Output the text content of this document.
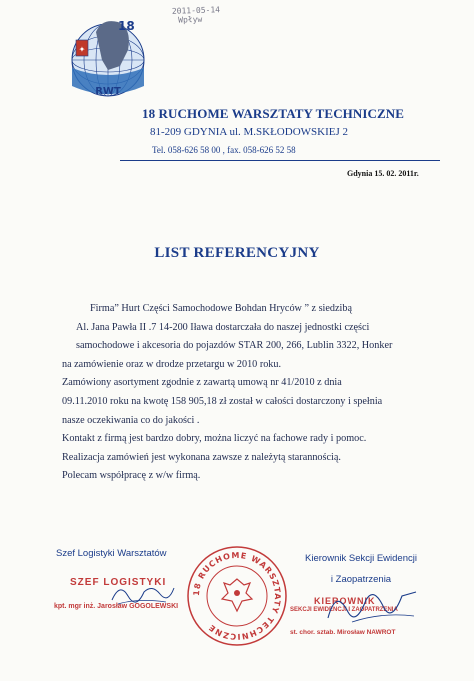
2011-05-14
Wpływ
✦
18
RWT
18 RUCHOME WARSZTATY TECHNICZNE
81-209 GDYNIA ul. M.SKŁODOWSKIEJ 2
Tel. 058-626 58 00 , fax. 058-626 52 58
Gdynia 15. 02. 2011r.
LIST REFERENCYJNY
Firma” Hurt Części Samochodowe Bohdan Hryców ” z siedzibą
Al. Jana Pawła II .7 14-200 Iława dostarczała do naszej jednostki części
samochodowe i akcesoria do pojazdów STAR 200, 266, Lublin 3322, Honker
na zamówienie oraz w drodze przetargu w 2010 roku.
Zamówiony asortyment zgodnie z zawartą umową nr 41/2010 z dnia
09.11.2010 roku na kwotę 158 905,18 zł został w całości dostarczony i spełnia
nasze oczekiwania co do jakości .
Kontakt z firmą jest bardzo dobry, można liczyć na fachowe rady i pomoc.
Realizacja zamówień jest wykonana zawsze z należytą starannością.
Polecam współpracę z w/w firmą.
Szef Logistyki Warsztatów
SZEF LOGISTYKI
kpt. mgr inż. Jarosław GOGOLEWSKI
18 RUCHOME WARSZTATY TECHNICZNE
Kierownik Sekcji Ewidencji
i Zaopatrzenia
KIEROWNIK
SEKCJI EWIDENCJI I ZAOPATRZENIA
st. chor. sztab. Mirosław NAWROT
